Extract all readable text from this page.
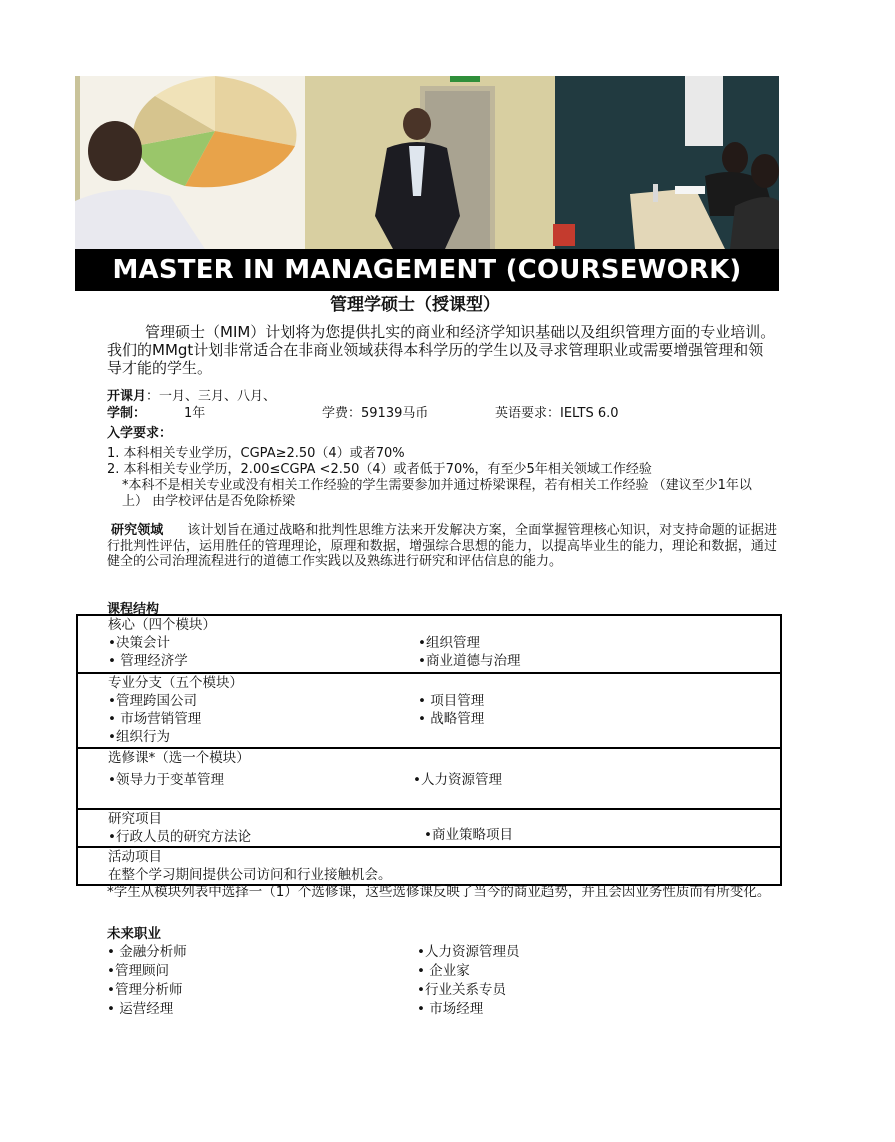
MASTER IN MANAGEMENT (COURSEWORK)
管理学硕士（授课型）
管理硕士（MIM）计划将为您提供扎实的商业和经济学知识基础以及组织管理方面的专业培训。 我们的MMgt计划非常适合在非商业领域获得本科学历的学生以及寻求管理职业或需要增强管理和领导才能的学生。
开课月：一月、三月、八月、
学制：	1年	学费：59139马币	英语要求：IELTS 6.0
入学要求：
1. 本科相关专业学历，CGPA≥2.50（4）或者70%
2. 本科相关专业学历，2.00≤CGPA <2.50（4）或者低于70%，有至少5年相关领域工作经验
*本科不是相关专业或没有相关工作经验的学生需要参加并通过桥梁课程，若有相关工作经验 （建议至少1年以上） 由学校评估是否免除桥梁
研究领域 该计划旨在通过战略和批判性思维方法来开发解决方案，全面掌握管理核心知识，对支持命题的证据进行批判性评估，运用胜任的管理理论，原理和数据，增强综合思想的能力，以提高毕业生的能力，理论和数据，通过健全的公司治理流程进行的道德工作实践以及熟练进行研究和评估信息的能力。
课程结构
核心（四个模块）
•决策会计	•组织管理
• 管理经济学	•商业道德与治理
专业分支（五个模块）
•管理跨国公司	• 项目管理
• 市场营销管理	• 战略管理
•组织行为
选修课*（选一个模块）
•领导力于变革管理	•人力资源管理
研究项目
•行政人员的研究方法论	•商业策略项目
活动项目
在整个学习期间提供公司访问和行业接触机会。
*学生从模块列表中选择一（1）个选修课，这些选修课反映了当今的商业趋势，并且会因业务性质而有所变化。
未来职业
• 金融分析师	•人力资源管理员
•管理顾问	• 企业家
•管理分析师	•行业关系专员
• 运营经理	• 市场经理
